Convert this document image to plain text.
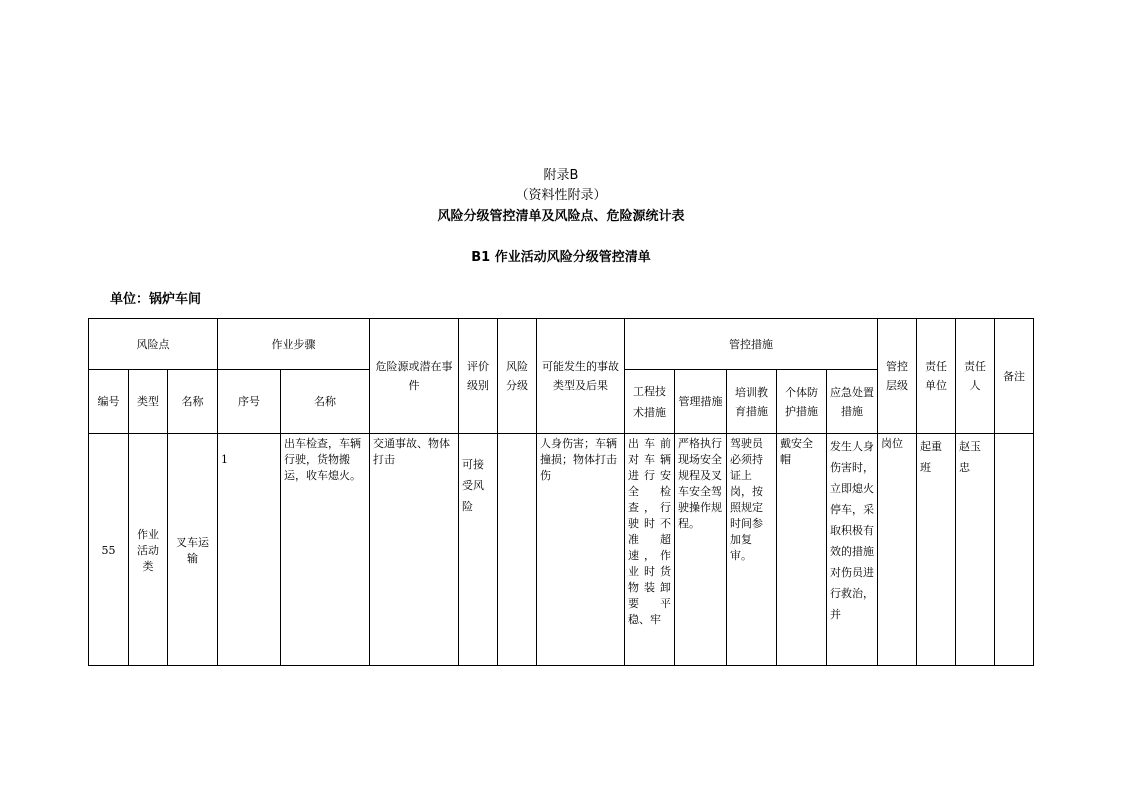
附录B
（资料性附录）
风险分级管控清单及风险点、危险源统计表
B1 作业活动风险分级管控清单
单位：锅炉车间
风险点			作业步骤		危险源或潜在事件	评价级别	风险分级	可能发生的事故类型及后果	管控措施					管控层级	责任单位	责任人	备注
编号	类型	名称	序号	名称					工程技术措施	管理措施	培训教育措施	个体防护措施	应急处置措施				
55	作业活动类	叉车运输	1	出车检查，车辆行驶，货物搬运，收车熄火。	交通事故、物体打击	可接受风险		人身伤害；车辆撞损；物体打击伤	出车前对车辆进行安全检查，行驶时不准超速，作业时货物装卸要平稳、牢	严格执行现场安全规程及叉车安全驾驶操作规程。	驾驶员必须持证上岗，按照规定时间参加复审。	戴安全帽	发生人身伤害时，立即熄火停车，采取积极有效的措施对伤员进行救治，并	岗位	起重班	赵玉忠	
